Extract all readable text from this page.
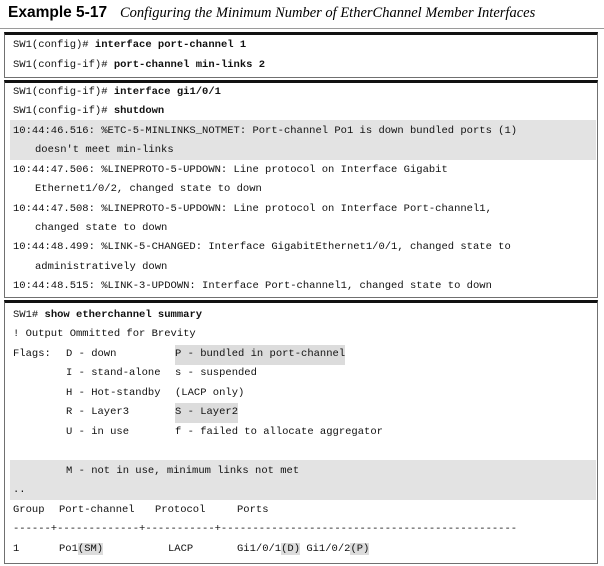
Example 5-17 Configuring the Minimum Number of EtherChannel Member Interfaces
SW1(config)# interface port-channel 1
SW1(config-if)# port-channel min-links 2
SW1(config-if)# interface gi1/0/1
SW1(config-if)# shutdown
10:44:46.516: %ETC-5-MINLINKS_NOTMET: Port-channel Po1 is down bundled ports (1)
doesn't meet min-links
10:44:47.506: %LINEPROTO-5-UPDOWN: Line protocol on Interface Gigabit
Ethernet1/0/2, changed state to down
10:44:47.508: %LINEPROTO-5-UPDOWN: Line protocol on Interface Port-channel1,
changed state to down
10:44:48.499: %LINK-5-CHANGED: Interface GigabitEthernet1/0/1, changed state to
administratively down
10:44:48.515: %LINK-3-UPDOWN: Interface Port-channel1, changed state to down
SW1# show etherchannel summary
! Output Ommitted for Brevity
Flags: D - down	P - bundled in port-channel
I - stand-alone s - suspended
H - Hot-standby (LACP only)
R - Layer3	S - Layer2
U - in use	f - failed to allocate aggregator
M - not in use, minimum links not met
..
Group Port-channel Protocol	Ports
------+-------------+-----------+-----------------------------------------------
1	Po1(SM)	LACP	Gi1/0/1(D) Gi1/0/2(P)
